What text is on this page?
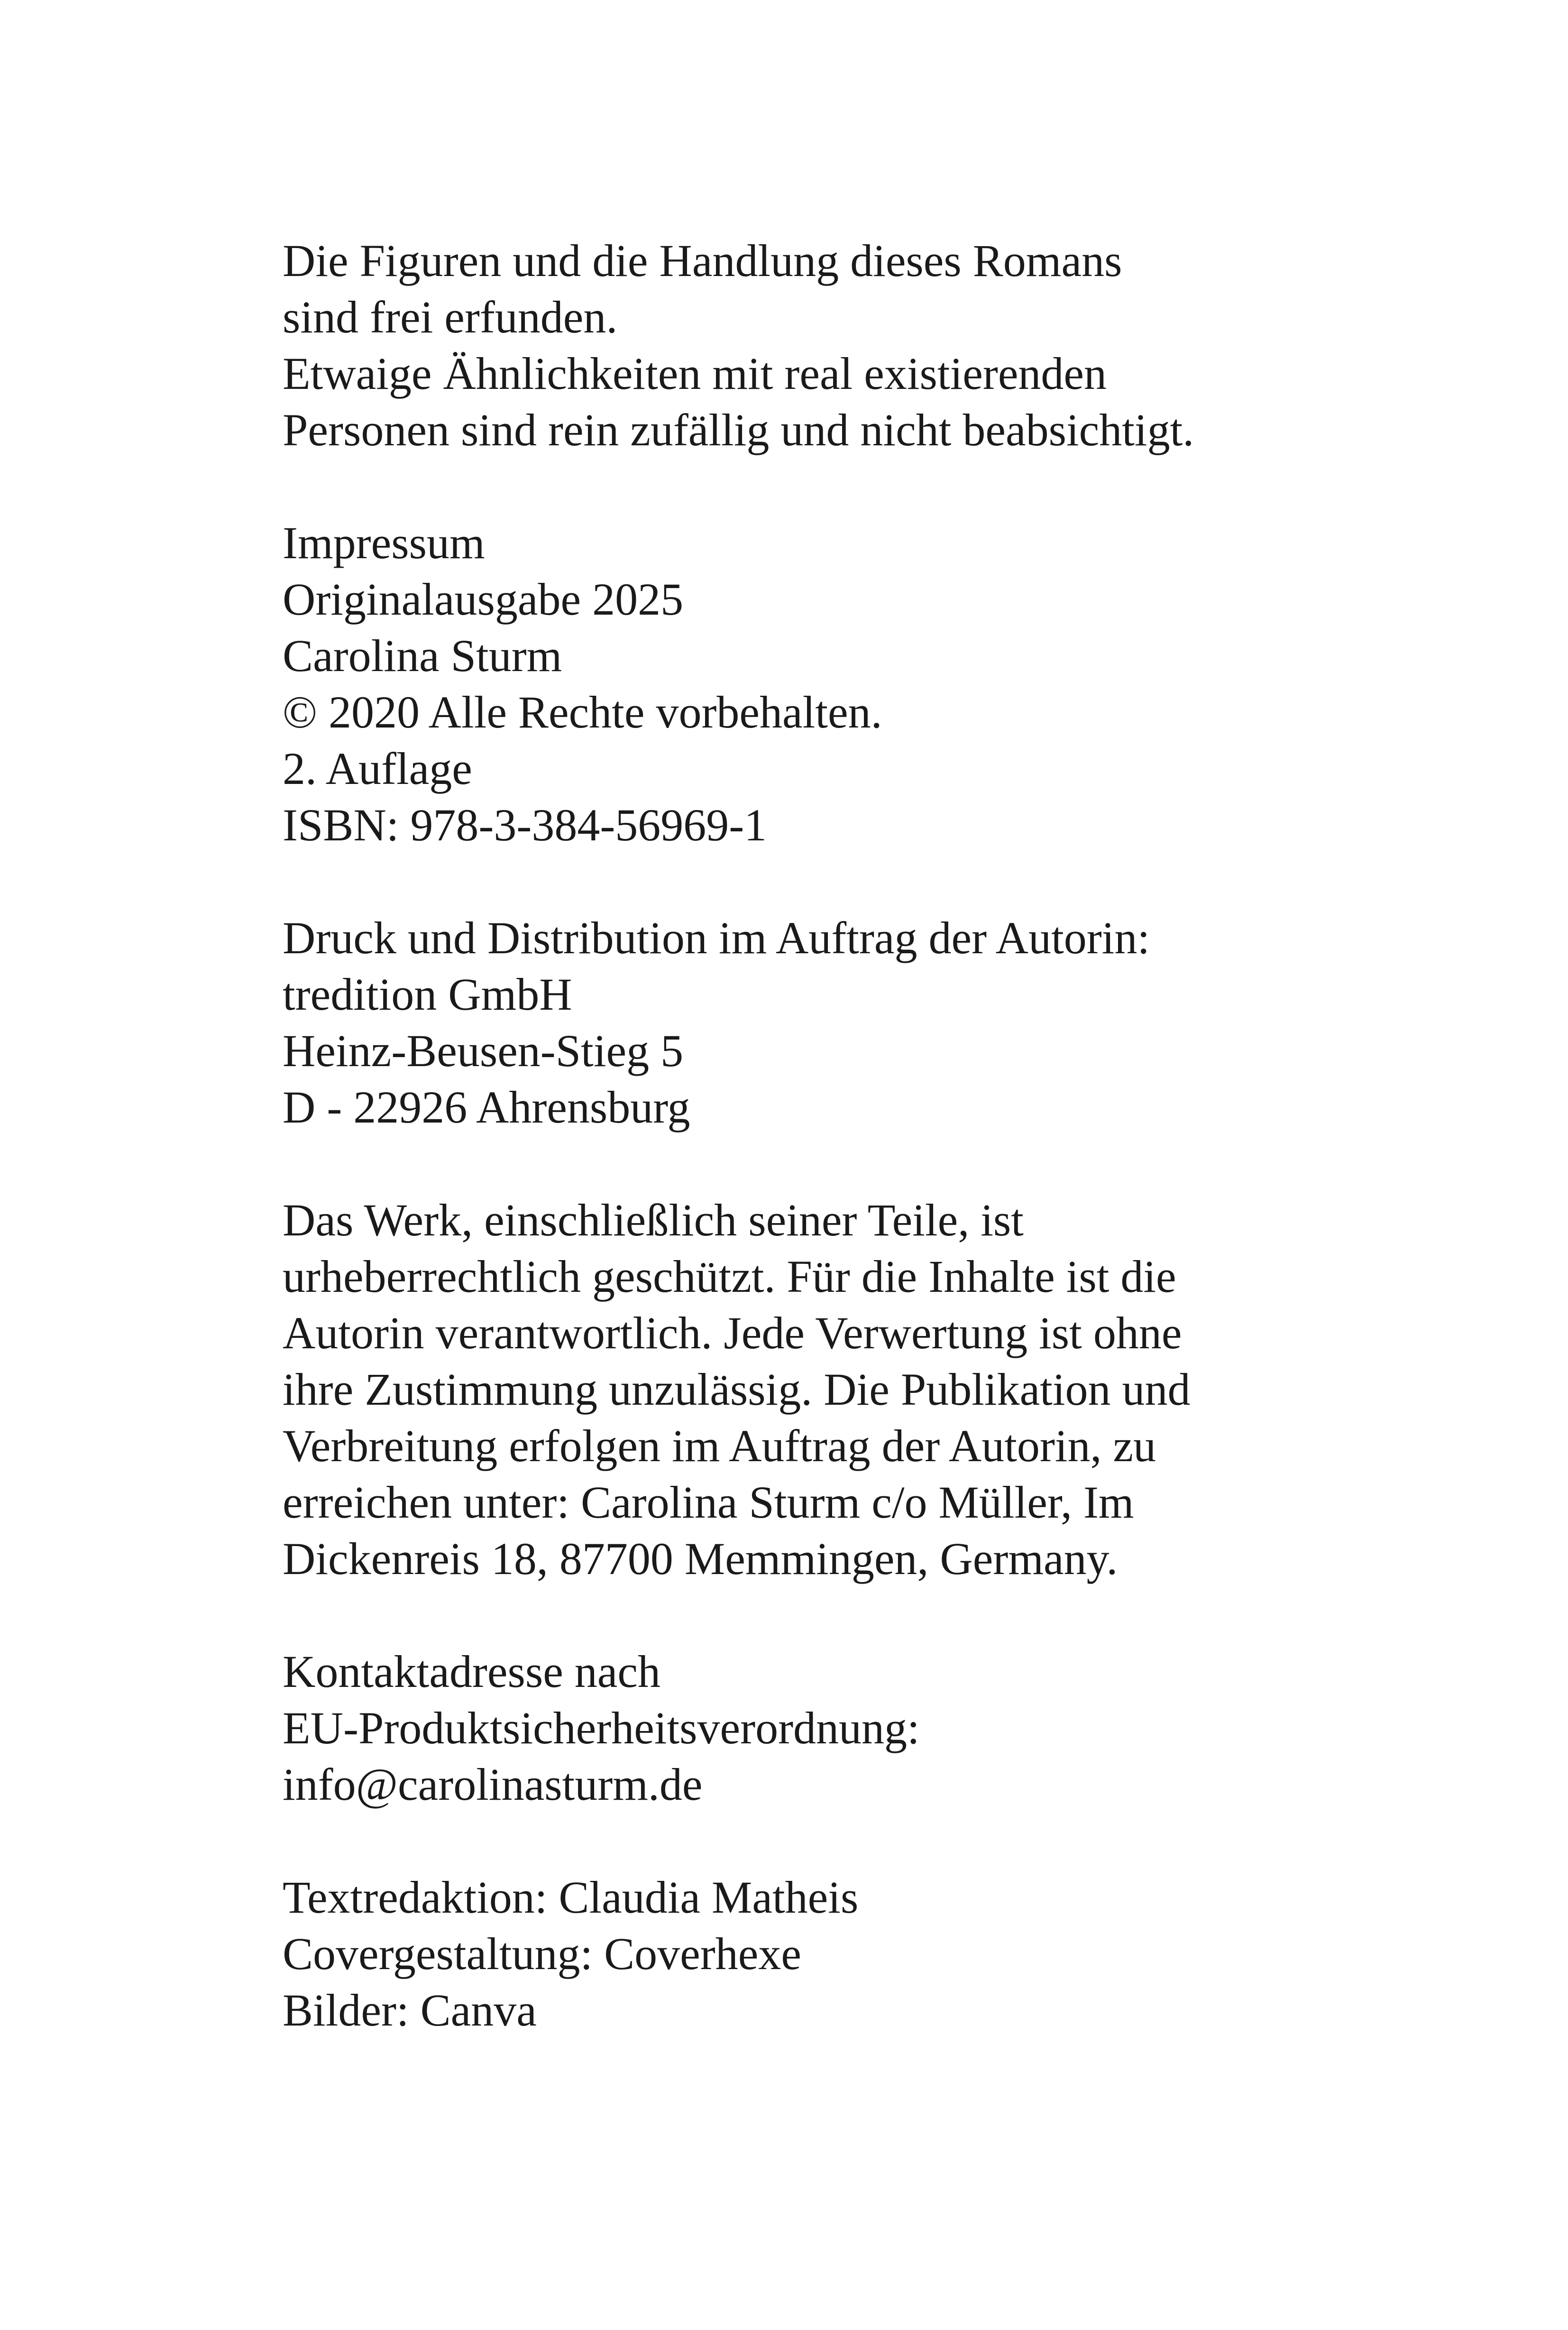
Die Figuren und die Handlung dieses Romans
sind frei erfunden.
Etwaige Ähnlichkeiten mit real existierenden
Personen sind rein zufällig und nicht beabsichtigt.
Impressum
Originalausgabe 2025
Carolina Sturm
© 2020 Alle Rechte vorbehalten.
2. Auflage
ISBN: 978-3-384-56969-1
Druck und Distribution im Auftrag der Autorin:
tredition GmbH
Heinz-Beusen-Stieg 5
D - 22926 Ahrensburg
Das Werk, einschließlich seiner Teile, ist
urheberrechtlich geschützt. Für die Inhalte ist die
Autorin verantwortlich. Jede Verwertung ist ohne
ihre Zustimmung unzulässig. Die Publikation und
Verbreitung erfolgen im Auftrag der Autorin, zu
erreichen unter: Carolina Sturm c/o Müller, Im
Dickenreis 18, 87700 Memmingen, Germany.
Kontaktadresse nach
EU-Produktsicherheitsverordnung:
info@carolinasturm.de
Textredaktion: Claudia Matheis
Covergestaltung: Coverhexe
Bilder: Canva
